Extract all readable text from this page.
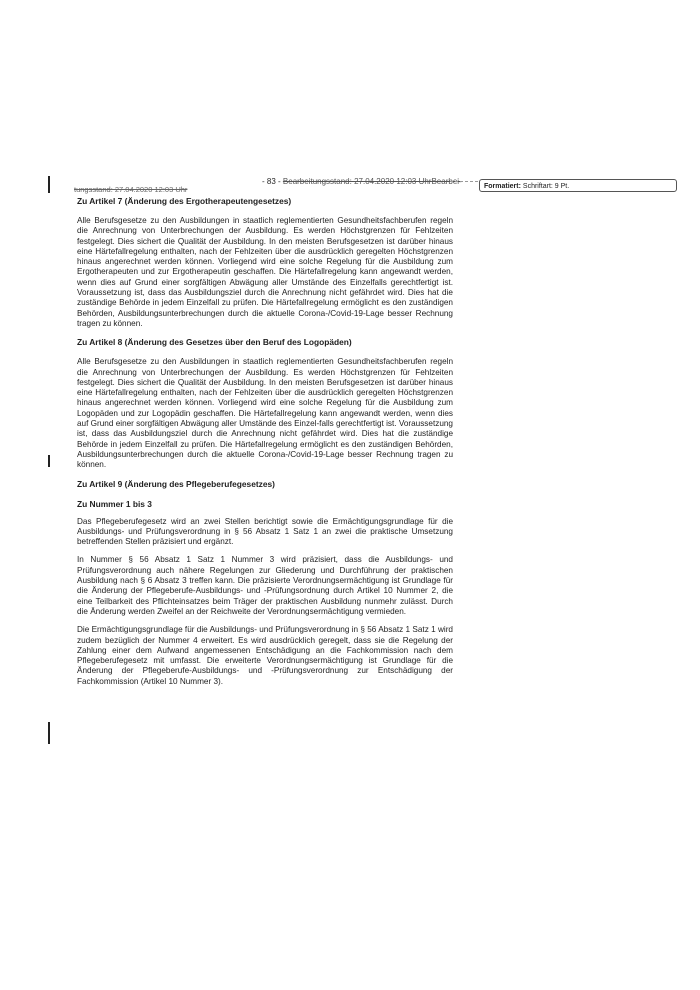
- 83 - Bearbeitungsstand: 27.04.2020 12:03 UhrBearbei-
tungsstand: 27.04.2020 12:03 Uhr	Formatiert: Schriftart: 9 Pt.
Zu Artikel 7 (Änderung des Ergotherapeutengesetzes)

Alle Berufsgesetze zu den Ausbildungen in staatlich reglementierten Gesundheitsfachberufen regeln die Anrechnung von Unterbrechungen der Ausbildung. Es werden Höchstgrenzen für Fehlzeiten festgelegt. Dies sichert die Qualität der Ausbildung. In den meisten Berufsgesetzen ist darüber hinaus eine Härtefallregelung enthalten, nach der Fehlzeiten über die ausdrücklich geregelten Höchstgrenzen hinaus angerechnet werden können. Vorliegend wird eine solche Regelung für die Ausbildung zum Ergotherapeuten und zur Ergotherapeutin geschaffen. Die Härtefallregelung kann angewandt werden, wenn dies auf Grund einer sorgfältigen Abwägung aller Umstände des Einzelfalls gerechtfertigt ist. Voraussetzung ist, dass das Ausbildungsziel durch die Anrechnung nicht gefährdet wird. Dies hat die zuständige Behörde in jedem Einzelfall zu prüfen. Die Härtefallregelung ermöglicht es den zuständigen Behörden, Ausbildungsunterbrechungen durch die aktuelle Corona-/Covid-19-Lage besser Rechnung tragen zu können.

Zu Artikel 8 (Änderung des Gesetzes über den Beruf des Logopäden)

Alle Berufsgesetze zu den Ausbildungen in staatlich reglementierten Gesundheitsfachberufen regeln die Anrechnung von Unterbrechungen der Ausbildung. Es werden Höchstgrenzen für Fehlzeiten festgelegt. Dies sichert die Qualität der Ausbildung. In den meisten Berufsgesetzen ist darüber hinaus eine Härtefallregelung enthalten, nach der Fehlzeiten über die ausdrücklich geregelten Höchstgrenzen hinaus angerechnet werden können. Vorliegend wird eine solche Regelung für die Ausbildung zum Logopäden und zur Logopädin geschaffen. Die Härtefallregelung kann angewandt werden, wenn dies auf Grund einer sorgfältigen Abwägung aller Umstände des Einzel-falls gerechtfertigt ist. Voraussetzung ist, dass das Ausbildungsziel durch die Anrechnung nicht gefährdet wird. Dies hat die zuständige Behörde in jedem Einzelfall zu prüfen. Die Härtefallregelung ermöglicht es den zuständigen Behörden, Ausbildungsunterbrechungen durch die aktuelle Corona-/Covid-19-Lage besser Rechnung tragen zu können.

Zu Artikel 9 (Änderung des Pflegeberufegesetzes)
Zu Nummer 1 bis 3

Das Pflegeberufegesetz wird an zwei Stellen berichtigt sowie die Ermächtigungsgrundlage für die Ausbildungs- und Prüfungsverordnung in § 56 Absatz 1 Satz 1 an zwei die praktische Umsetzung betreffenden Stellen präzisiert und ergänzt.

In Nummer § 56 Absatz 1 Satz 1 Nummer 3 wird präzisiert, dass die Ausbildungs- und Prüfungsverordnung auch nähere Regelungen zur Gliederung und Durchführung der praktischen Ausbildung nach § 6 Absatz 3 treffen kann. Die präzisierte Verordnungsermächtigung ist Grundlage für die Änderung der Pflegeberufe-Ausbildungs- und -Prüfungsordnung durch Artikel 10 Nummer 2, die eine Teilbarkeit des Pflichteinsatzes beim Träger der praktischen Ausbildung nunmehr zulässt. Durch die Änderung werden Zweifel an der Reichweite der Verordnungsermächtigung vermieden.

Die Ermächtigungsgrundlage für die Ausbildungs- und Prüfungsverordnung in § 56 Absatz 1 Satz 1 wird zudem bezüglich der Nummer 4 erweitert. Es wird ausdrücklich geregelt, dass sie die Regelung der Zahlung einer dem Aufwand angemessenen Entschädigung an die Fachkommission nach dem Pflegeberufegesetz mit umfasst. Die erweiterte Verordnungsermächtigung ist Grundlage für die Änderung der Pflegeberufe-Ausbildungs- und -Prüfungsverordnung zur Entschädigung der Fachkommission (Artikel 10 Nummer 3).
